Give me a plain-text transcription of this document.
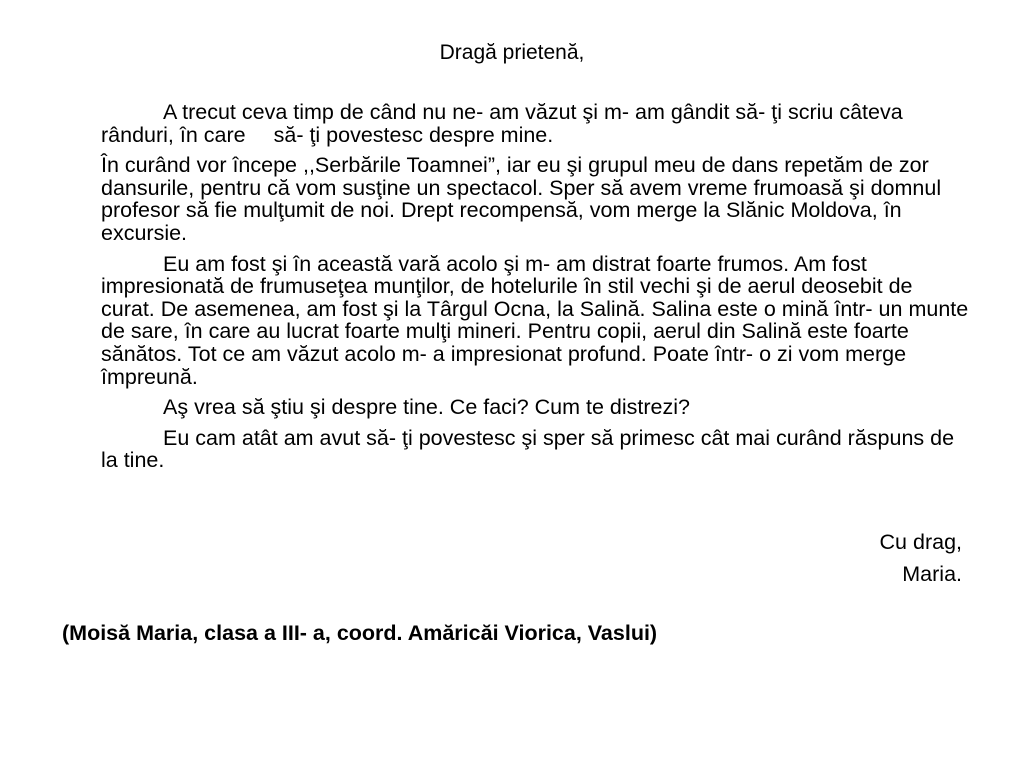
Dragă prietenă,

A trecut ceva timp de când nu ne- am văzut şi m- am gândit să- ţi scriu câteva rânduri, în care să- ţi povestesc despre mine.

În curând vor începe ,,Serbările Toamnei”, iar eu şi grupul meu de dans repetăm de zor dansurile, pentru că vom susţine un spectacol. Sper să avem vreme frumoasă şi domnul profesor să fie mulţumit de noi. Drept recompensă, vom merge la Slănic Moldova, în excursie.

Eu am fost şi în această vară acolo şi m- am distrat foarte frumos. Am fost impresionată de frumuseţea munţilor, de hotelurile în stil vechi şi de aerul deosebit de curat. De asemenea, am fost şi la Târgul Ocna, la Salină. Salina este o mină într- un munte de sare, în care au lucrat foarte mulţi mineri. Pentru copii, aerul din Salină este foarte sănătos. Tot ce am văzut acolo m- a impresionat profund. Poate într- o zi vom merge împreună.

Aş vrea să ştiu şi despre tine. Ce faci? Cum te distrezi?

Eu cam atât am avut să- ţi povestesc şi sper să primesc cât mai curând răspuns de la tine.

Cu drag,
Maria.
(Moisă Maria, clasa a III- a, coord. Amăricăi Viorica, Vaslui)
